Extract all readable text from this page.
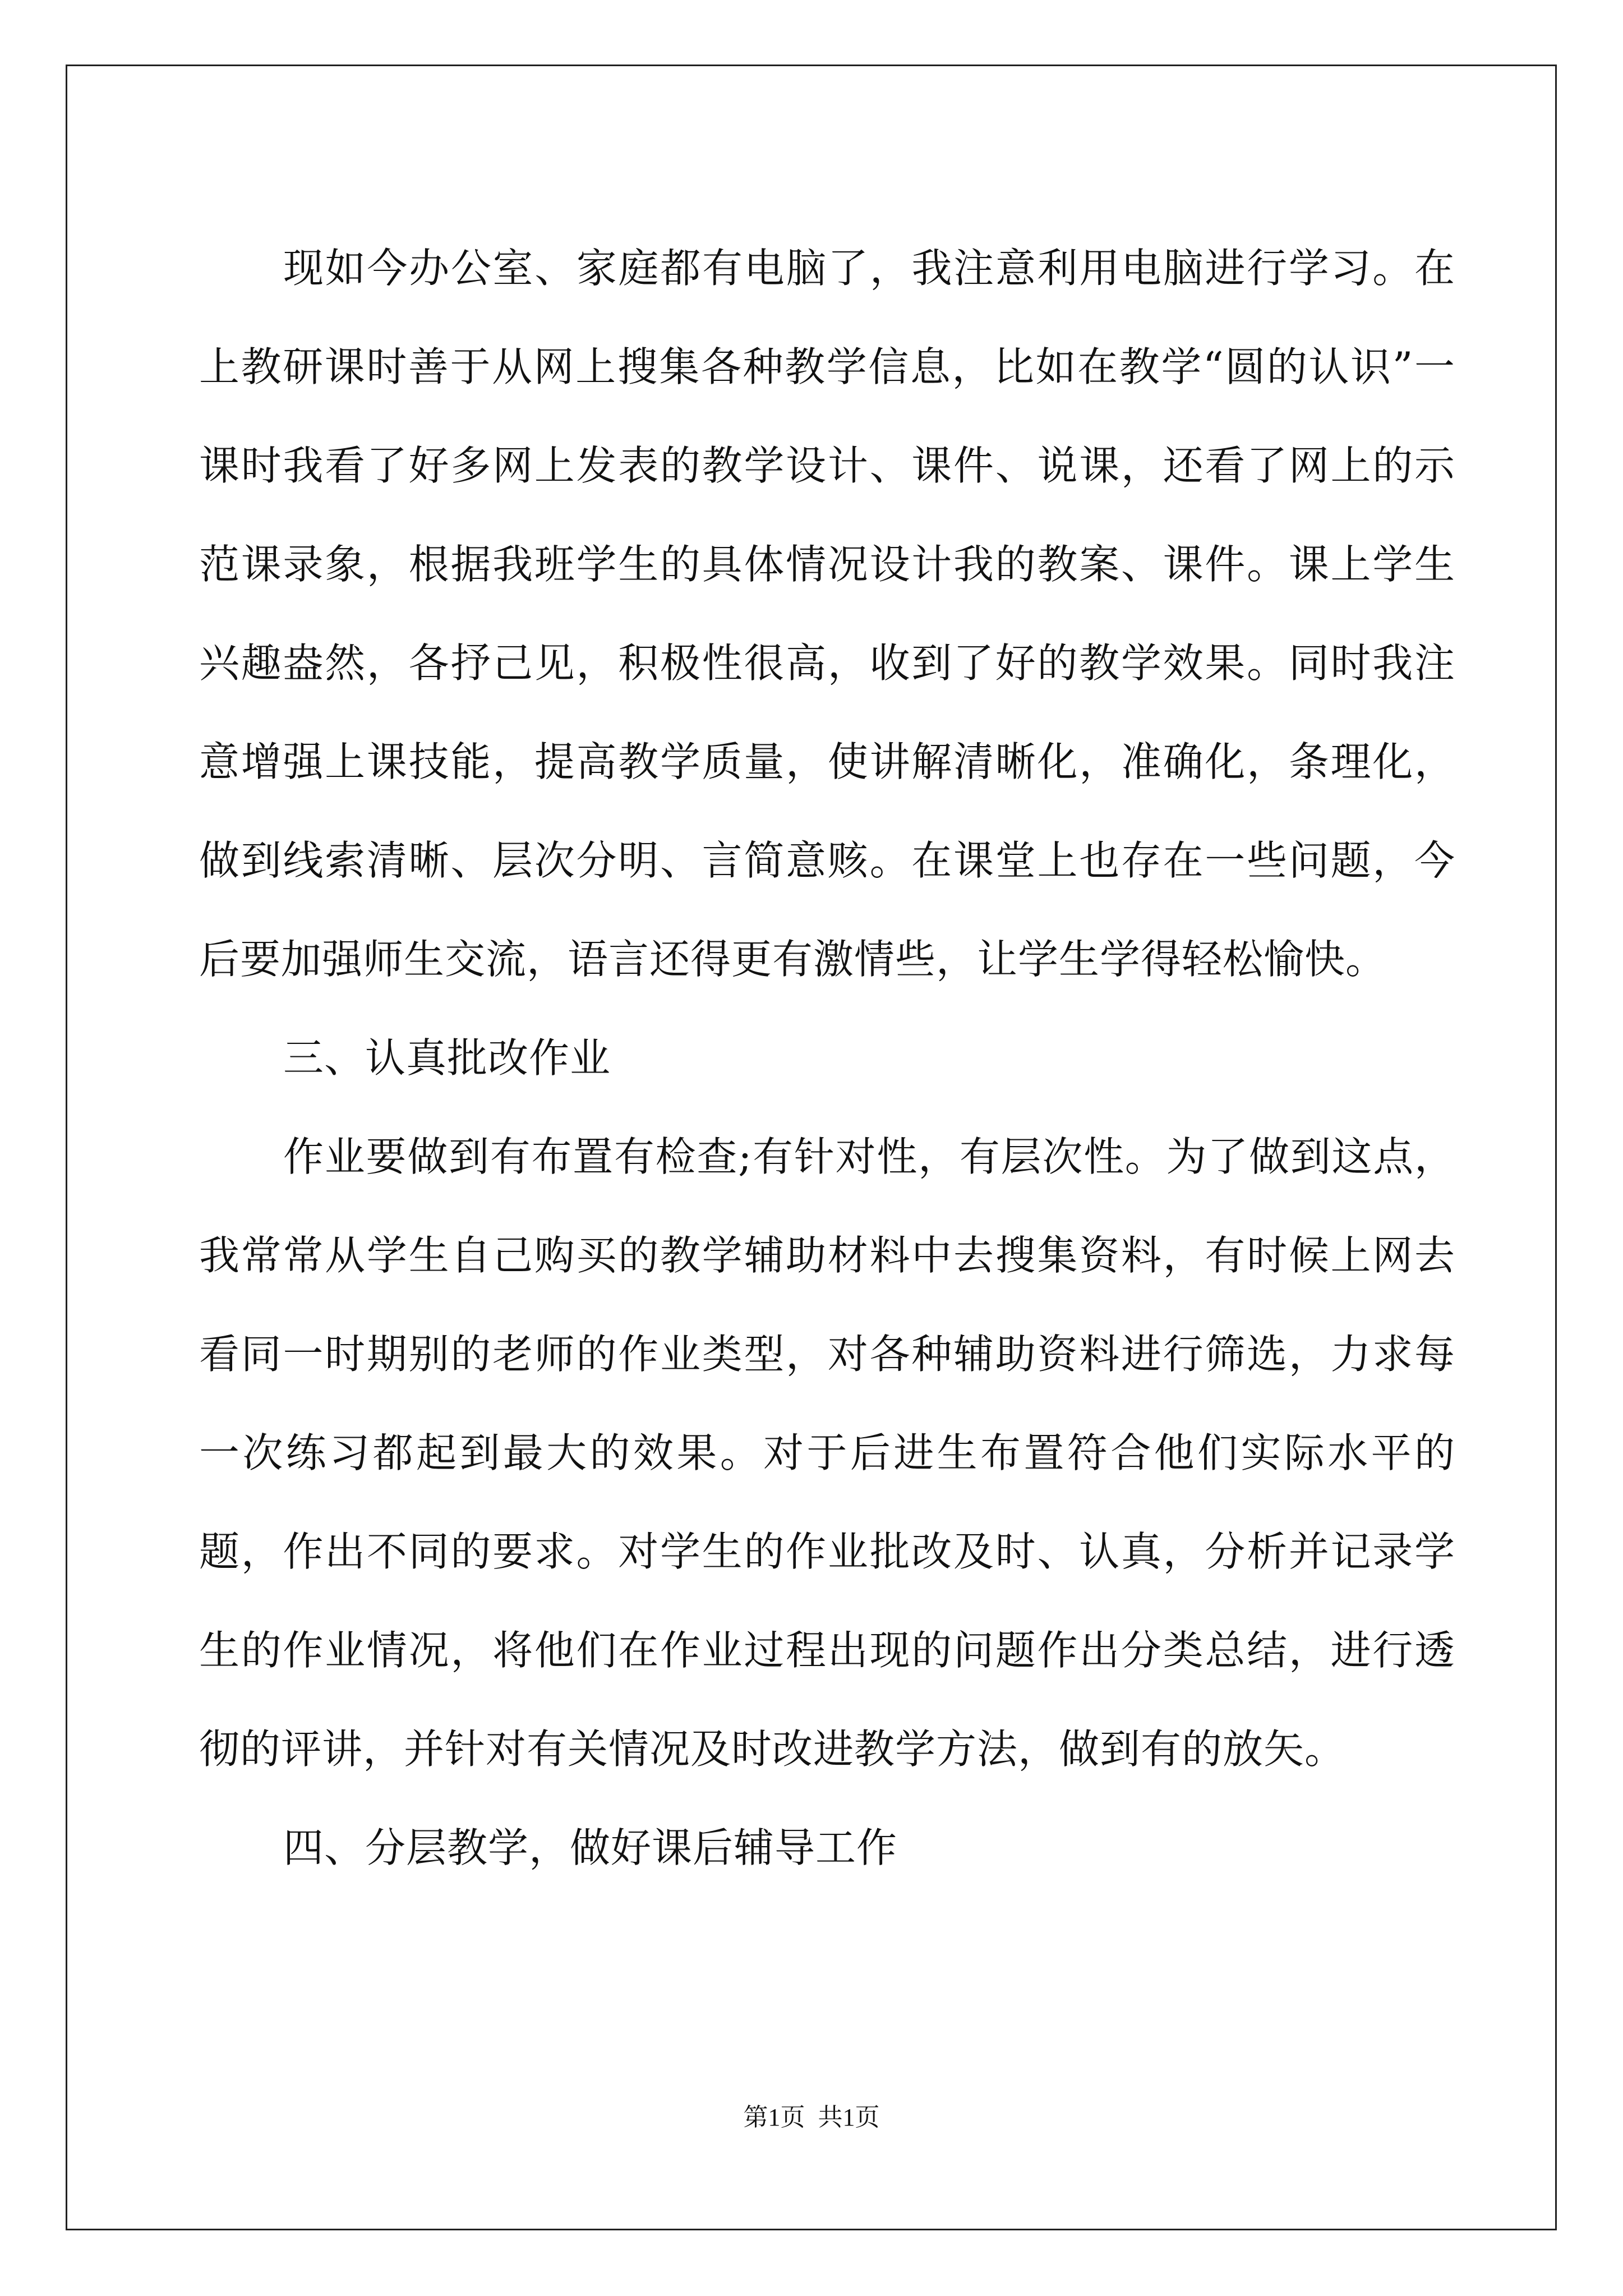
现如今办公室、家庭都有电脑了，我注意利用电脑进行学习。在上教研课时善于从网上搜集各种教学信息，比如在教学“圆的认识”一课时我看了好多网上发表的教学设计、课件、说课，还看了网上的示范课录象，根据我班学生的具体情况设计我的教案、课件。课上学生兴趣盎然，各抒己见，积极性很高，收到了好的教学效果。同时我注意增强上课技能，提高教学质量，使讲解清晰化，准确化，条理化，做到线索清晰、层次分明、言简意赅。在课堂上也存在一些问题，今后要加强师生交流，语言还得更有激情些，让学生学得轻松愉快。

三、认真批改作业

作业要做到有布置有检查;有针对性，有层次性。为了做到这点，我常常从学生自己购买的教学辅助材料中去搜集资料，有时候上网去看同一时期别的老师的作业类型，对各种辅助资料进行筛选，力求每一次练习都起到最大的效果。对于后进生布置符合他们实际水平的题，作出不同的要求。对学生的作业批改及时、认真，分析并记录学生的作业情况，将他们在作业过程出现的问题作出分类总结，进行透彻的评讲，并针对有关情况及时改进教学方法，做到有的放矢。

四、分层教学，做好课后辅导工作

第1页 共1页
